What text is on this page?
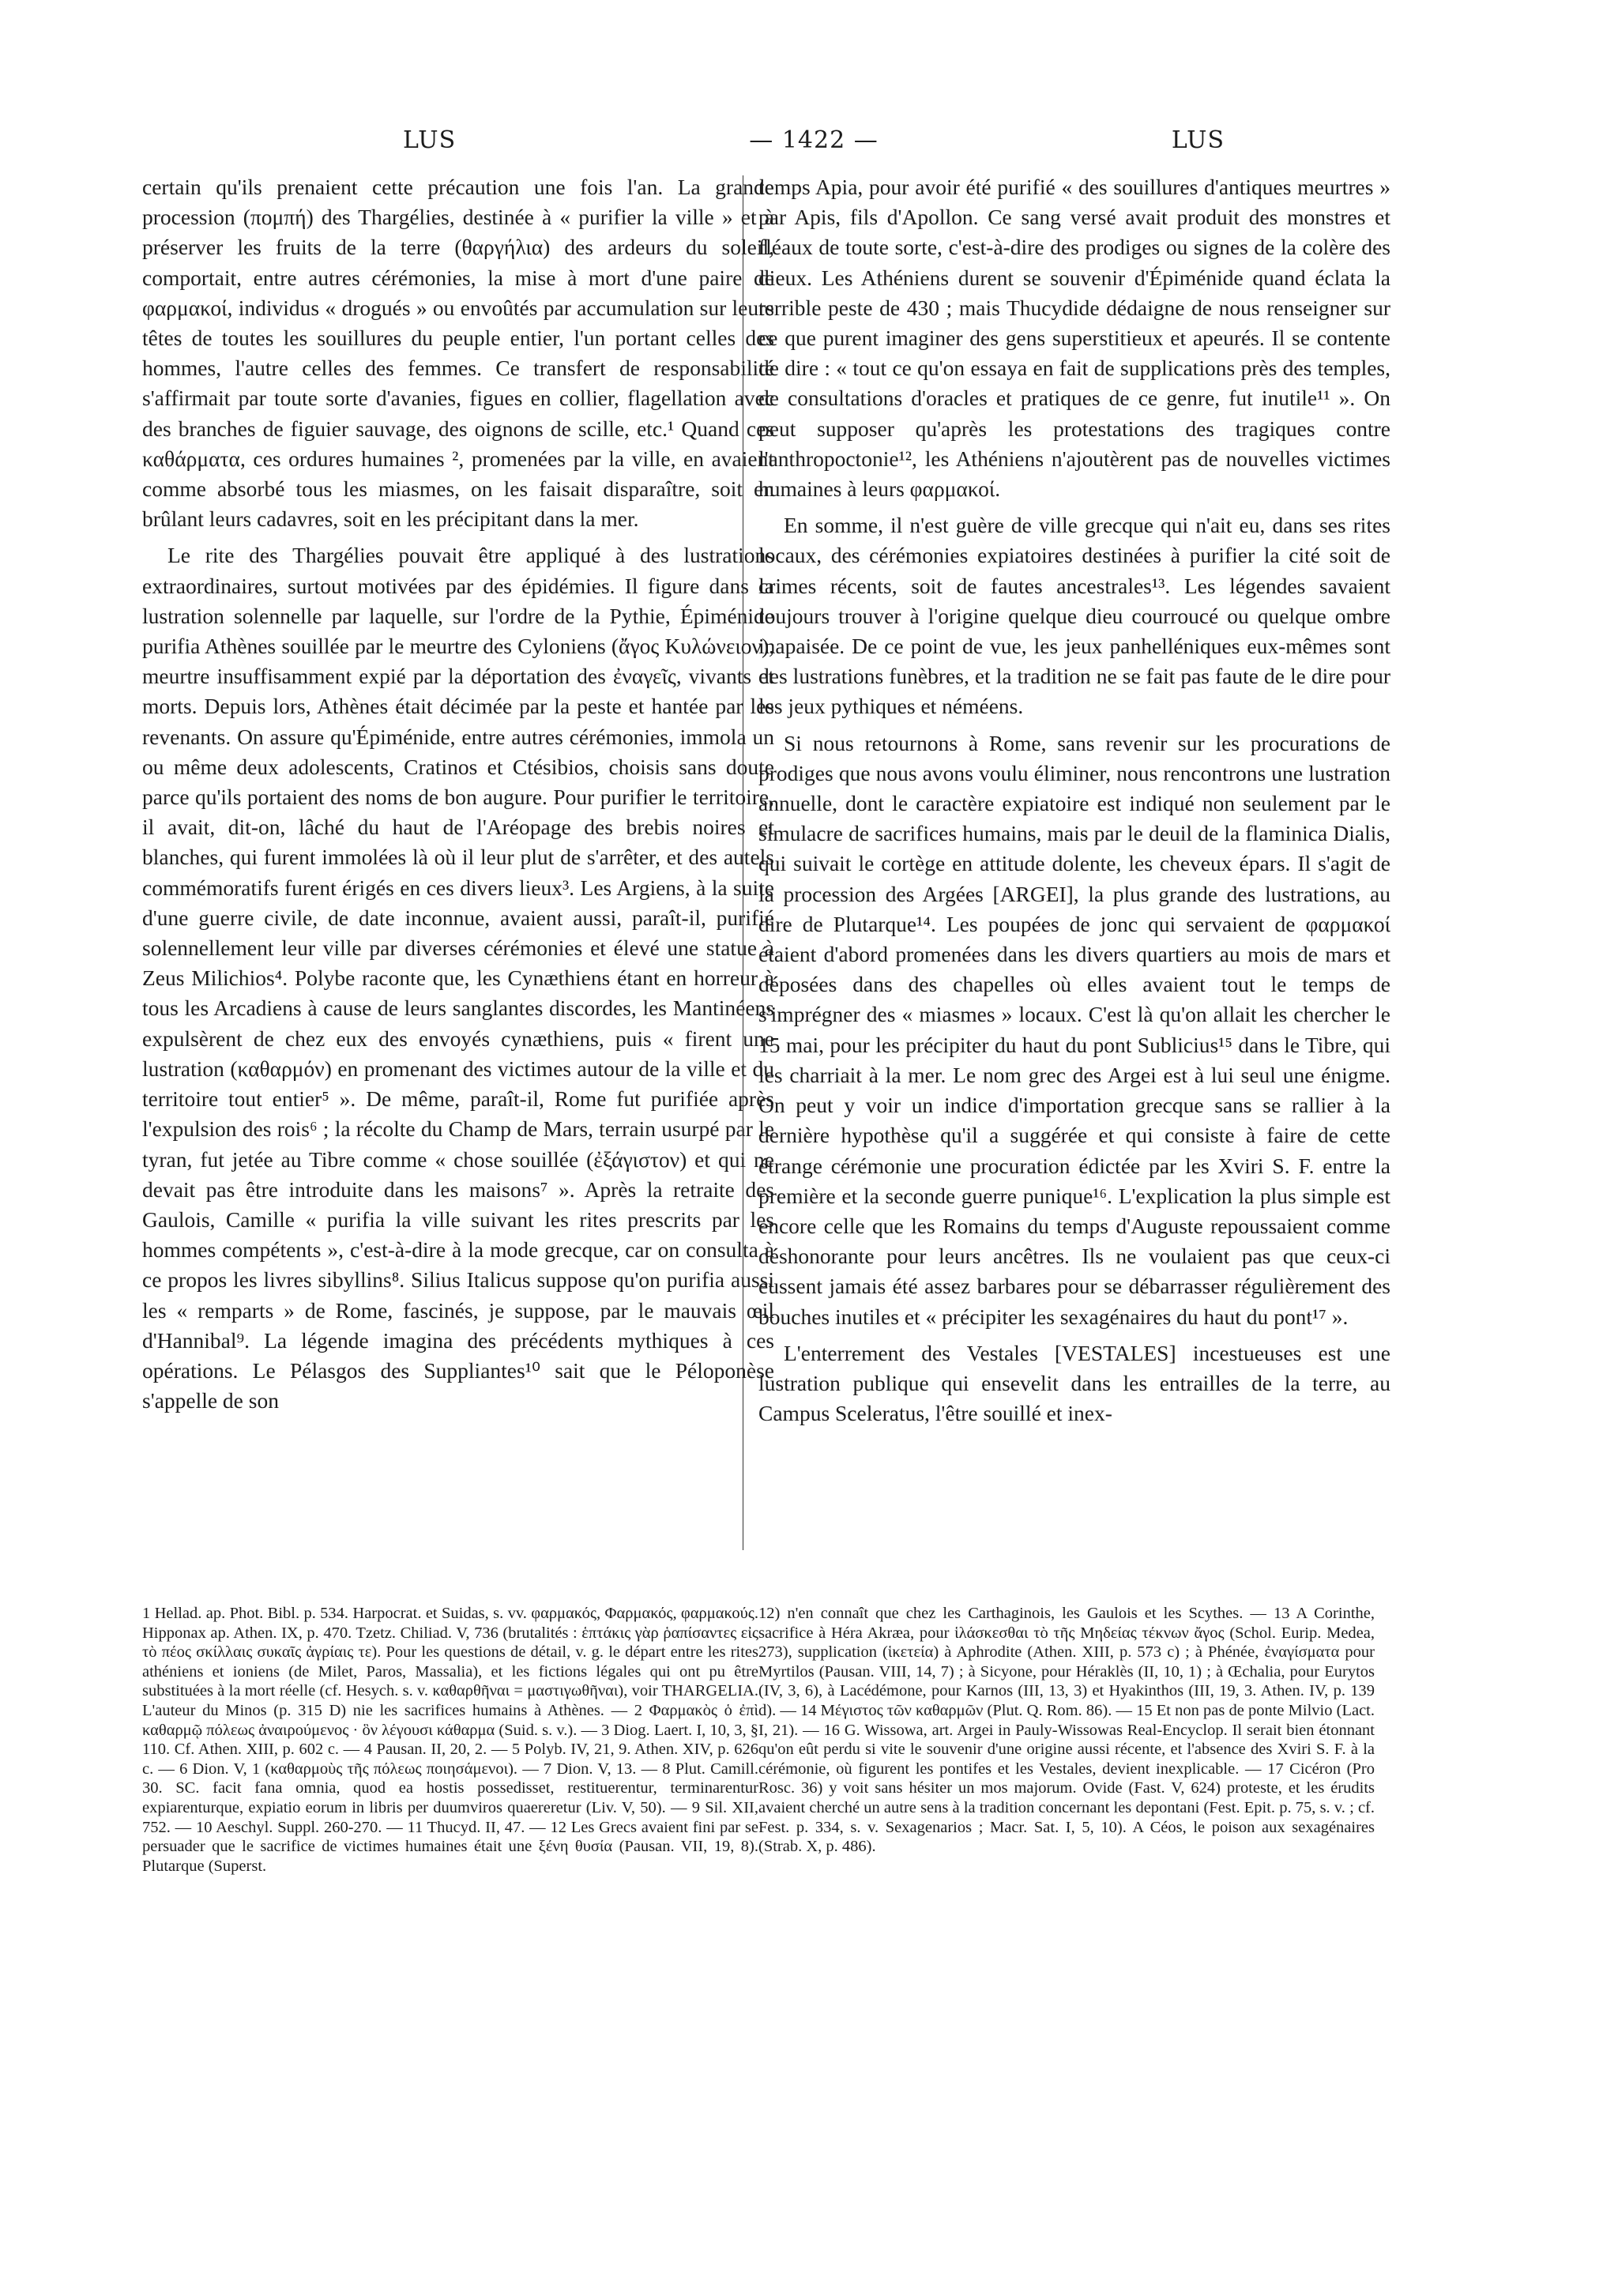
LUS	— 1422 —	LUS

certain qu'ils prenaient cette précaution une fois l'an. La grande procession (πομπή) des Thargélies, destinée à « purifier la ville » et à préserver les fruits de la terre (θαργήλια) des ardeurs du soleil, comportait, entre autres cérémonies, la mise à mort d'une paire de φαρμακοί, individus « drogués » ou envoûtés par accumulation sur leurs têtes de toutes les souillures du peuple entier, l'un portant celles des hommes, l'autre celles des femmes. Ce transfert de responsabilité s'affirmait par toute sorte d'avanies, figues en collier, flagellation avec des branches de figuier sauvage, des oignons de scille, etc.¹ Quand ces καθάρματα, ces ordures humaines ², promenées par la ville, en avaient comme absorbé tous les miasmes, on les faisait disparaître, soit en brûlant leurs cadavres, soit en les précipitant dans la mer.

Le rite des Thargélies pouvait être appliqué à des lustrations extraordinaires, surtout motivées par des épidémies. Il figure dans la lustration solennelle par laquelle, sur l'ordre de la Pythie, Épiménide purifia Athènes souillée par le meurtre des Cyloniens (ἄγος Κυλώνειον), meurtre insuffisamment expié par la déportation des ἐναγεῖς, vivants et morts. Depuis lors, Athènes était décimée par la peste et hantée par les revenants. On assure qu'Épiménide, entre autres cérémonies, immola un ou même deux adolescents, Cratinos et Ctésibios, choisis sans doute parce qu'ils portaient des noms de bon augure. Pour purifier le territoire, il avait, dit-on, lâché du haut de l'Aréopage des brebis noires et blanches, qui furent immolées là où il leur plut de s'arrêter, et des autels commémoratifs furent érigés en ces divers lieux³. Les Argiens, à la suite d'une guerre civile, de date inconnue, avaient aussi, paraît-il, purifié solennellement leur ville par diverses cérémonies et élevé une statue à Zeus Milichios⁴. Polybe raconte que, les Cynæthiens étant en horreur à tous les Arcadiens à cause de leurs sanglantes discordes, les Mantinéens expulsèrent de chez eux des envoyés cynæthiens, puis « firent une lustration (καθαρμόν) en promenant des victimes autour de la ville et du territoire tout entier⁵ ». De même, paraît-il, Rome fut purifiée après l'expulsion des rois⁶ ; la récolte du Champ de Mars, terrain usurpé par le tyran, fut jetée au Tibre comme « chose souillée (ἐξάγιστον) et qui ne devait pas être introduite dans les maisons⁷ ». Après la retraite des Gaulois, Camille « purifia la ville suivant les rites prescrits par les hommes compétents », c'est-à-dire à la mode grecque, car on consulta à ce propos les livres sibyllins⁸. Silius Italicus suppose qu'on purifia aussi les « remparts » de Rome, fascinés, je suppose, par le mauvais œil d'Hannibal⁹. La légende imagina des précédents mythiques à ces opérations. Le Pélasgos des Suppliantes¹⁰ sait que le Péloponèse s'appelle de son

temps Apia, pour avoir été purifié « des souillures d'antiques meurtres » par Apis, fils d'Apollon. Ce sang versé avait produit des monstres et fléaux de toute sorte, c'est-à-dire des prodiges ou signes de la colère des dieux. Les Athéniens durent se souvenir d'Épiménide quand éclata la terrible peste de 430 ; mais Thucydide dédaigne de nous renseigner sur ce que purent imaginer des gens superstitieux et apeurés. Il se contente de dire : « tout ce qu'on essaya en fait de supplications près des temples, de consultations d'oracles et pratiques de ce genre, fut inutile¹¹ ». On peut supposer qu'après les protestations des tragiques contre l'anthropoctonie¹², les Athéniens n'ajoutèrent pas de nouvelles victimes humaines à leurs φαρμακοί.

En somme, il n'est guère de ville grecque qui n'ait eu, dans ses rites locaux, des cérémonies expiatoires destinées à purifier la cité soit de crimes récents, soit de fautes ancestrales¹³. Les légendes savaient toujours trouver à l'origine quelque dieu courroucé ou quelque ombre inapaisée. De ce point de vue, les jeux panhelléniques eux-mêmes sont des lustrations funèbres, et la tradition ne se fait pas faute de le dire pour les jeux pythiques et néméens.

Si nous retournons à Rome, sans revenir sur les procurations de prodiges que nous avons voulu éliminer, nous rencontrons une lustration annuelle, dont le caractère expiatoire est indiqué non seulement par le simulacre de sacrifices humains, mais par le deuil de la flaminica Dialis, qui suivait le cortège en attitude dolente, les cheveux épars. Il s'agit de la procession des Argées [ARGEI], la plus grande des lustrations, au dire de Plutarque¹⁴. Les poupées de jonc qui servaient de φαρμακοί étaient d'abord promenées dans les divers quartiers au mois de mars et déposées dans des chapelles où elles avaient tout le temps de s'imprégner des « miasmes » locaux. C'est là qu'on allait les chercher le 15 mai, pour les précipiter du haut du pont Sublicius¹⁵ dans le Tibre, qui les charriait à la mer. Le nom grec des Argei est à lui seul une énigme. On peut y voir un indice d'importation grecque sans se rallier à la dernière hypothèse qu'il a suggérée et qui consiste à faire de cette étrange cérémonie une procuration édictée par les Xviri S. F. entre la première et la seconde guerre punique¹⁶. L'explication la plus simple est encore celle que les Romains du temps d'Auguste repoussaient comme déshonorante pour leurs ancêtres. Ils ne voulaient pas que ceux-ci eussent jamais été assez barbares pour se débarrasser régulièrement des bouches inutiles et « précipiter les sexagénaires du haut du pont¹⁷ ».

L'enterrement des Vestales [VESTALES] incestueuses est une lustration publique qui ensevelit dans les entrailles de la terre, au Campus Sceleratus, l'être souillé et inex-

1 Hellad. ap. Phot. Bibl. p. 534. Harpocrat. et Suidas, s. vv. φαρμακός, Φαρμακός, φαρμακούς. Hipponax ap. Athen. IX, p. 470. Tzetz. Chiliad. V, 736 (brutalités : ἑπτάκις γὰρ ῥαπίσαντες εἰς τὸ πέος σκίλλαις συκαῖς ἀγρίαις τε). Pour les questions de détail, v. g. le départ entre les rites athéniens et ioniens (de Milet, Paros, Massalia), et les fictions légales qui ont pu être substituées à la mort réelle (cf. Hesych. s. v. καθαρθῆναι = μαστιγωθῆναι), voir THARGELIA. L'auteur du Minos (p. 315 D) nie les sacrifices humains à Athènes. — 2 Φαρμακὸς ὁ ἐπὶ καθαρμῷ πόλεως ἀναιρούμενος · ὃν λέγουσι κάθαρμα (Suid. s. v.). — 3 Diog. Laert. I, 10, 3, § 110. Cf. Athen. XIII, p. 602 c. — 4 Pausan. II, 20, 2. — 5 Polyb. IV, 21, 9. Athen. XIV, p. 626 c. — 6 Dion. V, 1 (καθαρμοὺς τῆς πόλεως ποιησάμενοι). — 7 Dion. V, 13. — 8 Plut. Camill. 30. SC. facit fana omnia, quod ea hostis possedisset, restituerentur, terminarentur expiarenturque, expiatio eorum in libris per duumviros quaereretur (Liv. V, 50). — 9 Sil. XII, 752. — 10 Aeschyl. Suppl. 260-270. — 11 Thucyd. II, 47. — 12 Les Grecs avaient fini par se persuader que le sacrifice de victimes humaines était une ξένη θυσία (Pausan. VII, 19, 8). Plutarque (Superst.
12) n'en connaît que chez les Carthaginois, les Gaulois et les Scythes. — 13 A Corinthe, sacrifice à Héra Akræa, pour ἱλάσκεσθαι τὸ τῆς Μηδείας τέκνων ἄγος (Schol. Eurip. Medea, 273), supplication (ἱκετεία) à Aphrodite (Athen. XIII, p. 573 c) ; à Phénée, ἐναγίσματα pour Myrtilos (Pausan. VIII, 14, 7) ; à Sicyone, pour Héraklès (II, 10, 1) ; à Œchalia, pour Eurytos (IV, 3, 6), à Lacédémone, pour Karnos (III, 13, 3) et Hyakinthos (III, 19, 3. Athen. IV, p. 139 d). — 14 Μέγιστος τῶν καθαρμῶν (Plut. Q. Rom. 86). — 15 Et non pas de ponte Milvio (Lact. I, 21). — 16 G. Wissowa, art. Argei in Pauly-Wissowas Real-Encyclop. Il serait bien étonnant qu'on eût perdu si vite le souvenir d'une origine aussi récente, et l'absence des Xviri S. F. à la cérémonie, où figurent les pontifes et les Vestales, devient inexplicable. — 17 Cicéron (Pro Rosc. 36) y voit sans hésiter un mos majorum. Ovide (Fast. V, 624) proteste, et les érudits avaient cherché un autre sens à la tradition concernant les depontani (Fest. Epit. p. 75, s. v. ; cf. Fest. p. 334, s. v. Sexagenarios ; Macr. Sat. I, 5, 10). A Céos, le poison aux sexagénaires (Strab. X, p. 486).
